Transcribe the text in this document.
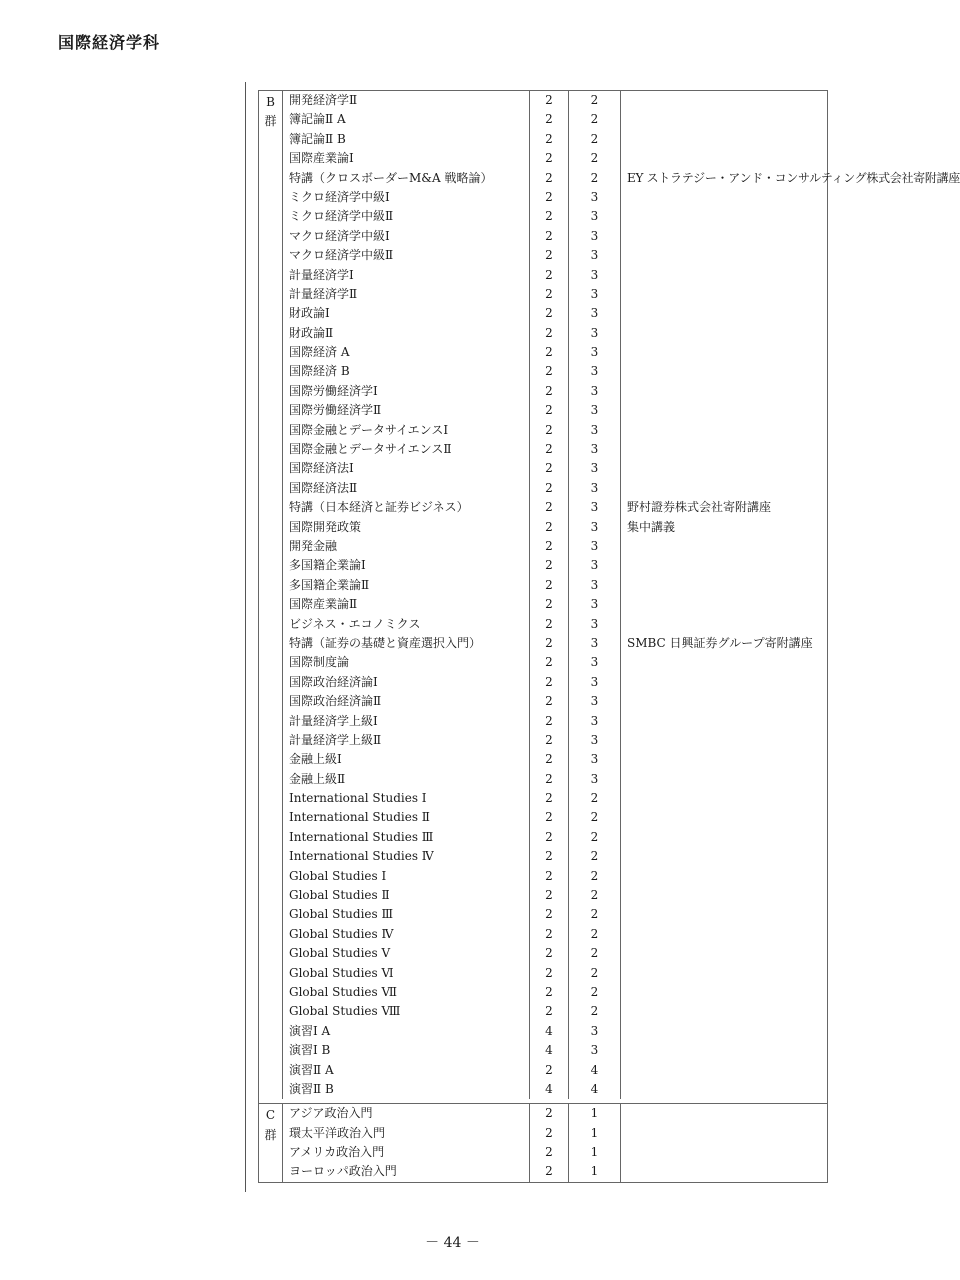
国際経済学科
B
群
開発経済学Ⅱ
簿記論Ⅱ A
簿記論Ⅱ B
国際産業論Ⅰ
特講（クロスボーダーM&A 戦略論）
ミクロ経済学中級Ⅰ
ミクロ経済学中級Ⅱ
マクロ経済学中級Ⅰ
マクロ経済学中級Ⅱ
計量経済学Ⅰ
計量経済学Ⅱ
財政論Ⅰ
財政論Ⅱ
国際経済 A
国際経済 B
国際労働経済学Ⅰ
国際労働経済学Ⅱ
国際金融とデータサイエンスⅠ
国際金融とデータサイエンスⅡ
国際経済法Ⅰ
国際経済法Ⅱ
特講（日本経済と証券ビジネス）
国際開発政策
開発金融
多国籍企業論Ⅰ
多国籍企業論Ⅱ
国際産業論Ⅱ
ビジネス・エコノミクス
特講（証券の基礎と資産選択入門）
国際制度論
国際政治経済論Ⅰ
国際政治経済論Ⅱ
計量経済学上級Ⅰ
計量経済学上級Ⅱ
金融上級Ⅰ
金融上級Ⅱ
International Studies Ⅰ
International Studies Ⅱ
International Studies Ⅲ
International Studies Ⅳ
Global Studies Ⅰ
Global Studies Ⅱ
Global Studies Ⅲ
Global Studies Ⅳ
Global Studies Ⅴ
Global Studies Ⅵ
Global Studies Ⅶ
Global Studies Ⅷ
演習Ⅰ A
演習Ⅰ B
演習Ⅱ A
演習Ⅱ B
2
2
2
2
2
2
2
2
2
2
2
2
2
2
2
2
2
2
2
2
2
2
2
2
2
2
2
2
2
2
2
2
2
2
2
2
2
2
2
2
2
2
2
2
2
2
2
2
4
4
2
4
2
2
2
2
2
3
3
3
3
3
3
3
3
3
3
3
3
3
3
3
3
3
3
3
3
3
3
3
3
3
3
3
3
3
3
3
2
2
2
2
2
2
2
2
2
2
2
2
3
3
4
4
EY ストラテジー・アンド・コンサルティング株式会社寄附講座
野村證券株式会社寄附講座
集中講義
SMBC 日興証券グループ寄附講座
C
群
アジア政治入門
環太平洋政治入門
アメリカ政治入門
ヨーロッパ政治入門
2
2
2
2
1
1
1
1
－ 44 －
